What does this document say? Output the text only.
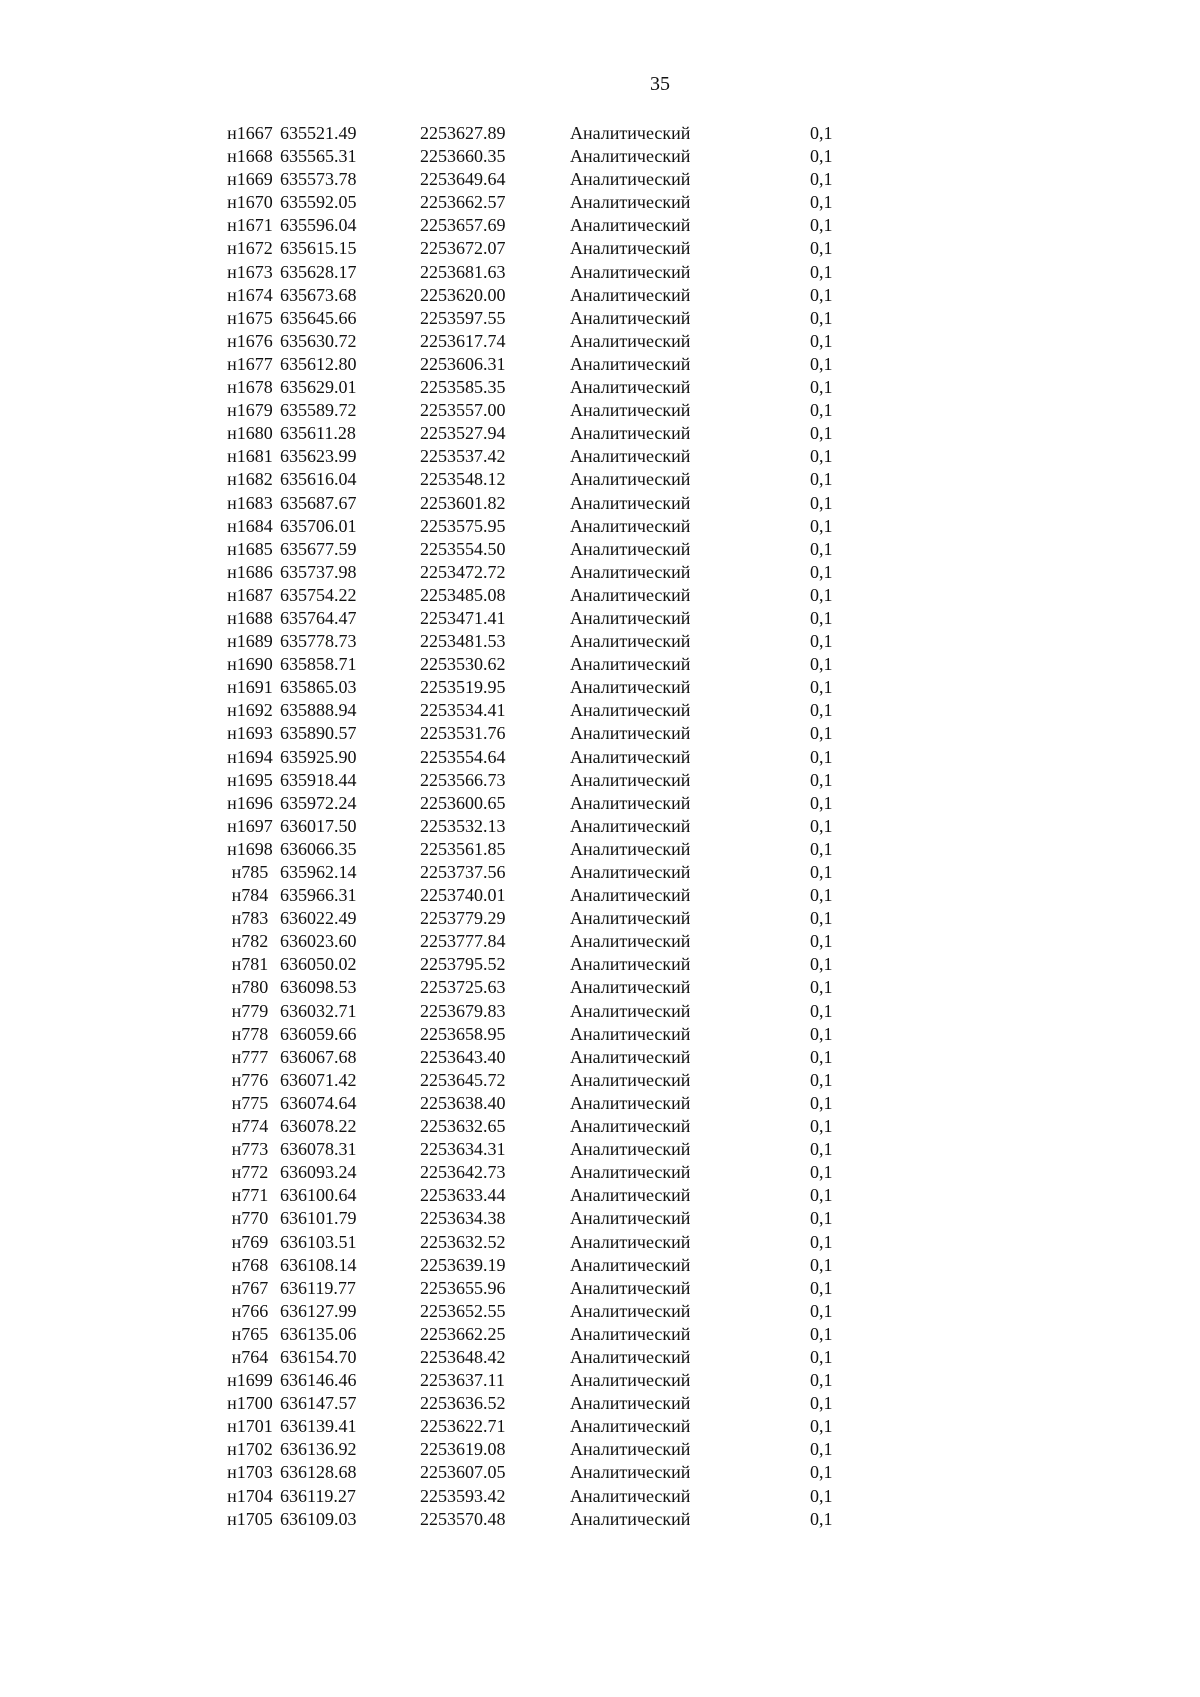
35
н1667	635521.49	2253627.89	Аналитический	0,1
н1668	635565.31	2253660.35	Аналитический	0,1
н1669	635573.78	2253649.64	Аналитический	0,1
н1670	635592.05	2253662.57	Аналитический	0,1
н1671	635596.04	2253657.69	Аналитический	0,1
н1672	635615.15	2253672.07	Аналитический	0,1
н1673	635628.17	2253681.63	Аналитический	0,1
н1674	635673.68	2253620.00	Аналитический	0,1
н1675	635645.66	2253597.55	Аналитический	0,1
н1676	635630.72	2253617.74	Аналитический	0,1
н1677	635612.80	2253606.31	Аналитический	0,1
н1678	635629.01	2253585.35	Аналитический	0,1
н1679	635589.72	2253557.00	Аналитический	0,1
н1680	635611.28	2253527.94	Аналитический	0,1
н1681	635623.99	2253537.42	Аналитический	0,1
н1682	635616.04	2253548.12	Аналитический	0,1
н1683	635687.67	2253601.82	Аналитический	0,1
н1684	635706.01	2253575.95	Аналитический	0,1
н1685	635677.59	2253554.50	Аналитический	0,1
н1686	635737.98	2253472.72	Аналитический	0,1
н1687	635754.22	2253485.08	Аналитический	0,1
н1688	635764.47	2253471.41	Аналитический	0,1
н1689	635778.73	2253481.53	Аналитический	0,1
н1690	635858.71	2253530.62	Аналитический	0,1
н1691	635865.03	2253519.95	Аналитический	0,1
н1692	635888.94	2253534.41	Аналитический	0,1
н1693	635890.57	2253531.76	Аналитический	0,1
н1694	635925.90	2253554.64	Аналитический	0,1
н1695	635918.44	2253566.73	Аналитический	0,1
н1696	635972.24	2253600.65	Аналитический	0,1
н1697	636017.50	2253532.13	Аналитический	0,1
н1698	636066.35	2253561.85	Аналитический	0,1
н785	635962.14	2253737.56	Аналитический	0,1
н784	635966.31	2253740.01	Аналитический	0,1
н783	636022.49	2253779.29	Аналитический	0,1
н782	636023.60	2253777.84	Аналитический	0,1
н781	636050.02	2253795.52	Аналитический	0,1
н780	636098.53	2253725.63	Аналитический	0,1
н779	636032.71	2253679.83	Аналитический	0,1
н778	636059.66	2253658.95	Аналитический	0,1
н777	636067.68	2253643.40	Аналитический	0,1
н776	636071.42	2253645.72	Аналитический	0,1
н775	636074.64	2253638.40	Аналитический	0,1
н774	636078.22	2253632.65	Аналитический	0,1
н773	636078.31	2253634.31	Аналитический	0,1
н772	636093.24	2253642.73	Аналитический	0,1
н771	636100.64	2253633.44	Аналитический	0,1
н770	636101.79	2253634.38	Аналитический	0,1
н769	636103.51	2253632.52	Аналитический	0,1
н768	636108.14	2253639.19	Аналитический	0,1
н767	636119.77	2253655.96	Аналитический	0,1
н766	636127.99	2253652.55	Аналитический	0,1
н765	636135.06	2253662.25	Аналитический	0,1
н764	636154.70	2253648.42	Аналитический	0,1
н1699	636146.46	2253637.11	Аналитический	0,1
н1700	636147.57	2253636.52	Аналитический	0,1
н1701	636139.41	2253622.71	Аналитический	0,1
н1702	636136.92	2253619.08	Аналитический	0,1
н1703	636128.68	2253607.05	Аналитический	0,1
н1704	636119.27	2253593.42	Аналитический	0,1
н1705	636109.03	2253570.48	Аналитический	0,1
